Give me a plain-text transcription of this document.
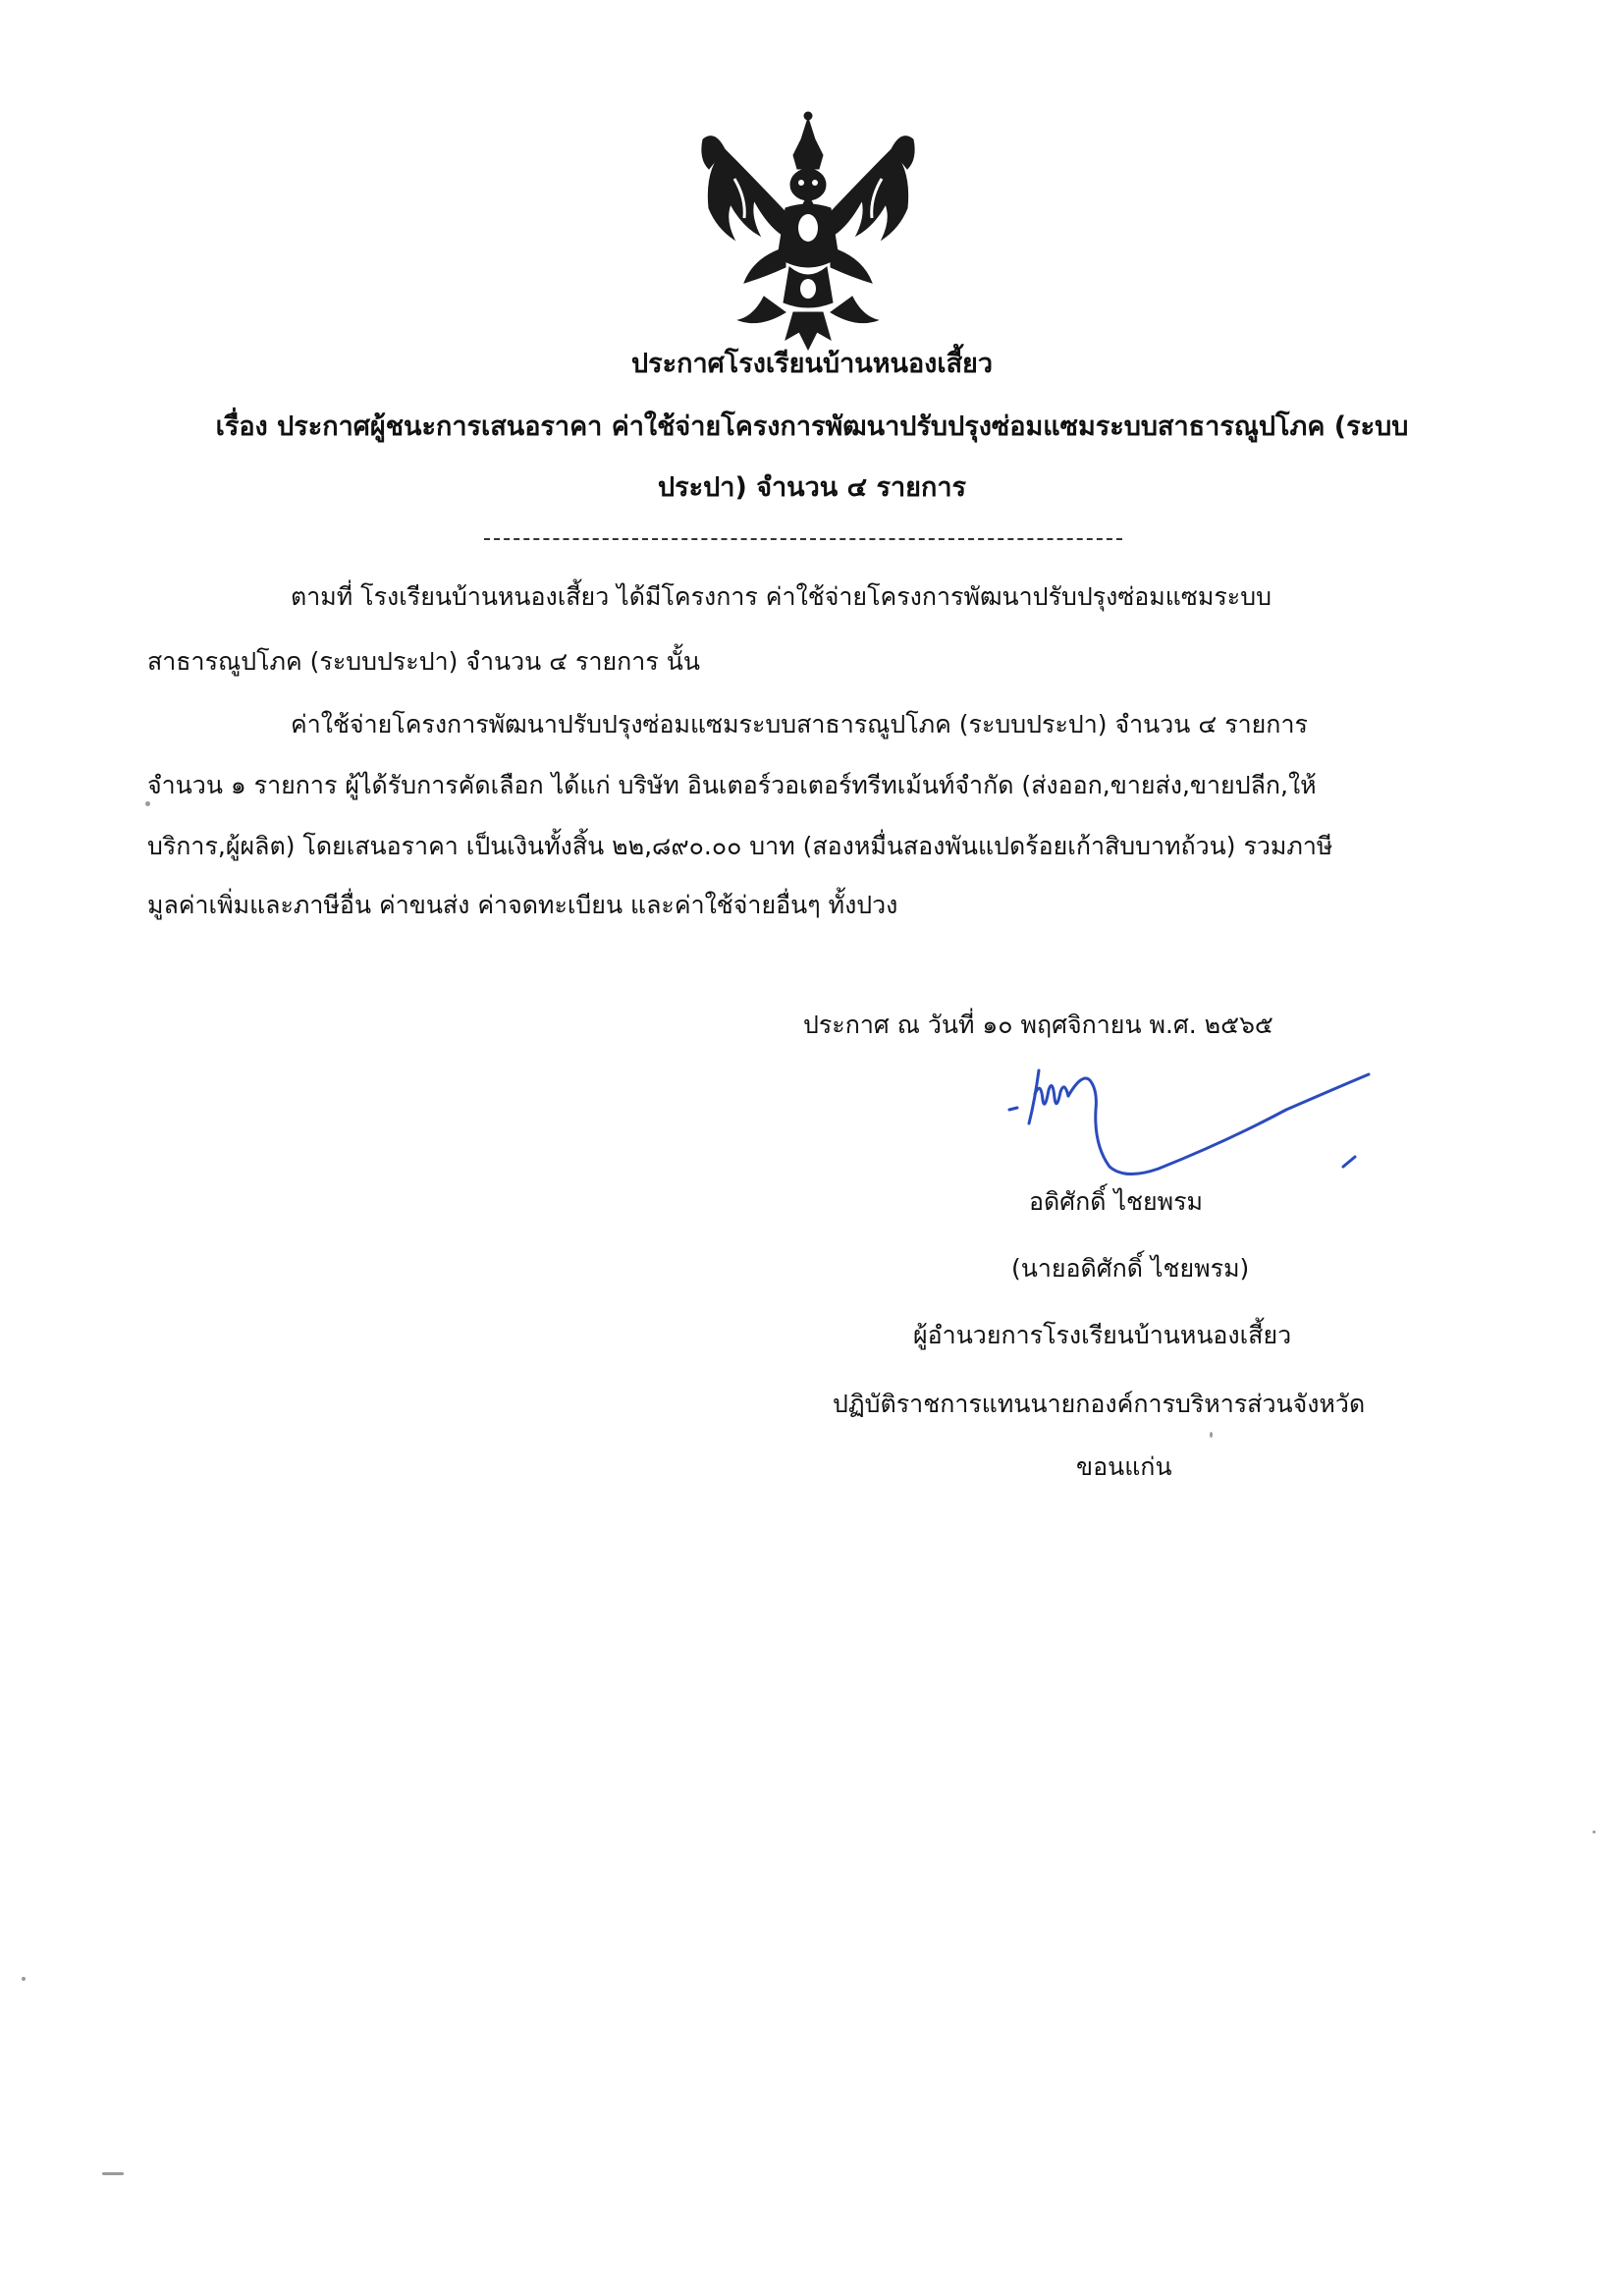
ประกาศโรงเรียนบ้านหนองเสี้ยว
เรื่อง ประกาศผู้ชนะการเสนอราคา ค่าใช้จ่ายโครงการพัฒนาปรับปรุงซ่อมแซมระบบสาธารณูปโภค (ระบบ
ประปา) จำนวน ๔ รายการ
ตามที่ โรงเรียนบ้านหนองเสี้ยว ได้มีโครงการ ค่าใช้จ่ายโครงการพัฒนาปรับปรุงซ่อมแซมระบบ
สาธารณูปโภค (ระบบประปา) จำนวน ๔ รายการ นั้น
ค่าใช้จ่ายโครงการพัฒนาปรับปรุงซ่อมแซมระบบสาธารณูปโภค (ระบบประปา) จำนวน ๔ รายการ
จำนวน ๑ รายการ ผู้ได้รับการคัดเลือก ได้แก่ บริษัท อินเตอร์วอเตอร์ทรีทเม้นท์จำกัด (ส่งออก,ขายส่ง,ขายปลีก,ให้
บริการ,ผู้ผลิต) โดยเสนอราคา เป็นเงินทั้งสิ้น ๒๒,๘๙๐.๐๐ บาท (สองหมื่นสองพันแปดร้อยเก้าสิบบาทถ้วน) รวมภาษี
มูลค่าเพิ่มและภาษีอื่น ค่าขนส่ง ค่าจดทะเบียน และค่าใช้จ่ายอื่นๆ ทั้งปวง
ประกาศ ณ วันที่ ๑๐ พฤศจิกายน พ.ศ. ๒๕๖๕
อดิศักดิ์ ไชยพรม
(นายอดิศักดิ์ ไชยพรม)
ผู้อำนวยการโรงเรียนบ้านหนองเสี้ยว
ปฏิบัติราชการแทนนายกองค์การบริหารส่วนจังหวัด
ขอนแก่น
